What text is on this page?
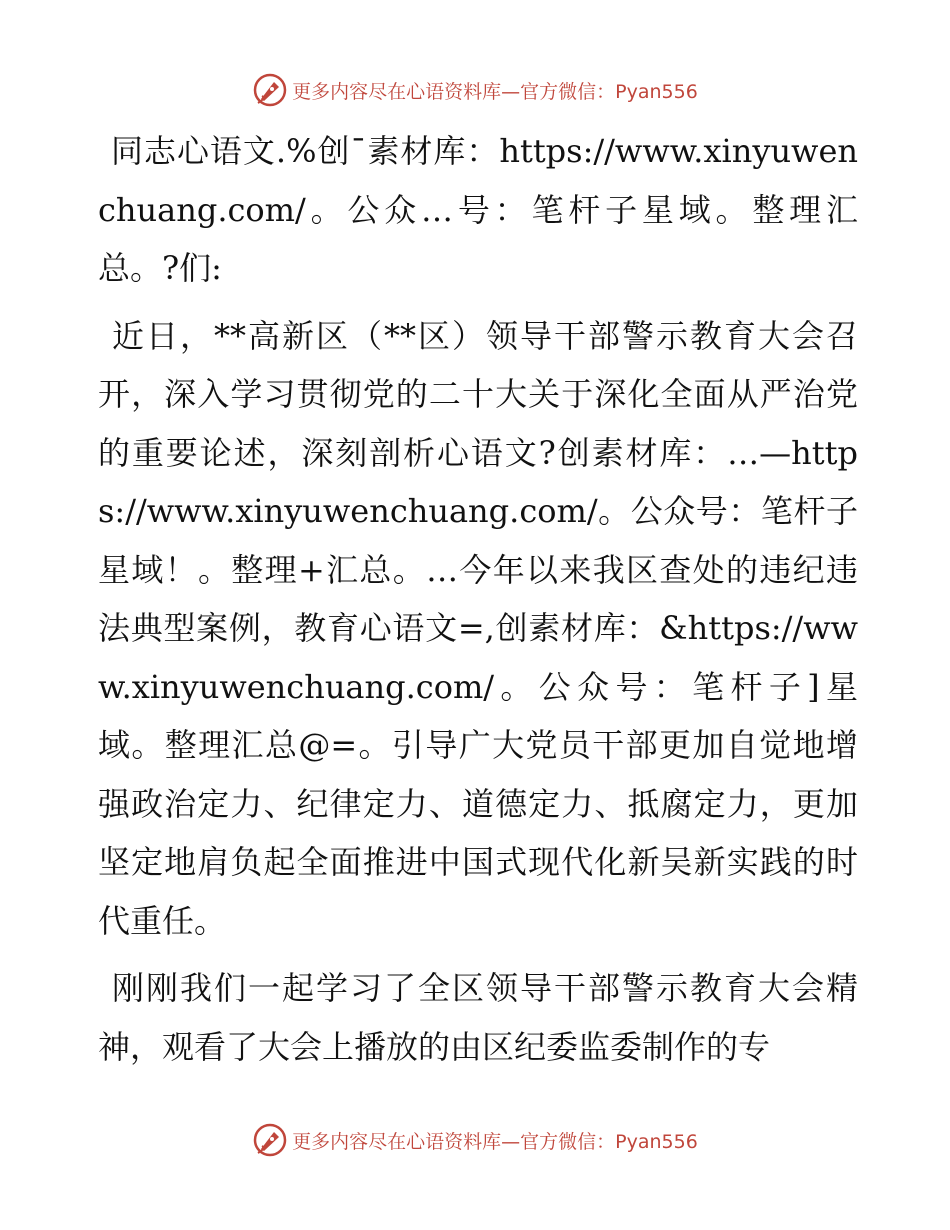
更多内容尽在心语资料库—官方微信：Pyan556

同志心语文.%创¯素材库：https://www.xinyuwenchuang.com/。公众…号：笔杆子星域。整理汇总。?们:

近日，**高新区（**区）领导干部警示教育大会召开，深入学习贯彻党的二十大关于深化全面从严治党的重要论述，深刻剖析心语文?创素材库：…—https://www.xinyuwenchuang.com/。公众号：笔杆子星域！。整理+汇总。…今年以来我区查处的违纪违法典型案例，教育心语文=,创素材库：&https://www.xinyuwenchuang.com/。公众号：笔杆子]星域。整理汇总@=。引导广大党员干部更加自觉地增强政治定力、纪律定力、道德定力、抵腐定力，更加坚定地肩负起全面推进中国式现代化新吴新实践的时代重任。

刚刚我们一起学习了全区领导干部警示教育大会精神，观看了大会上播放的由区纪委监委制作的专

更多内容尽在心语资料库—官方微信：Pyan556
